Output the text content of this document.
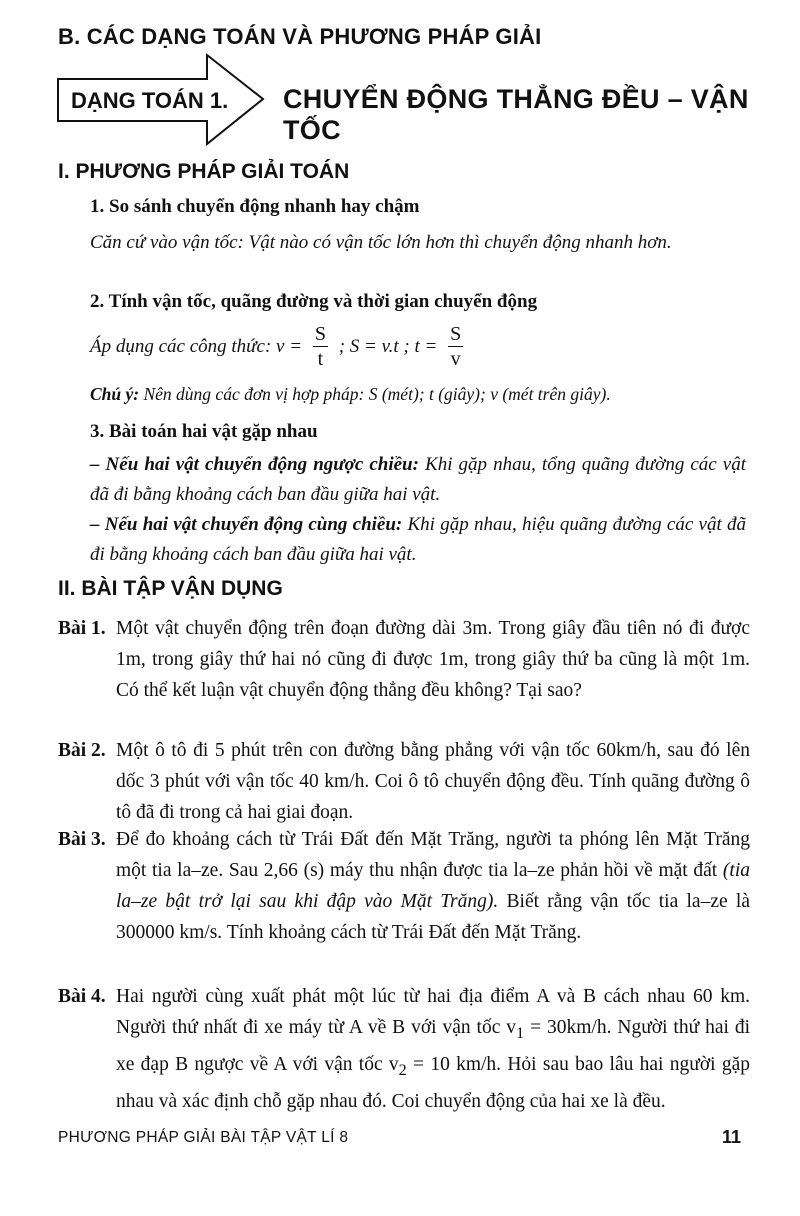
B. CÁC DẠNG TOÁN VÀ PHƯƠNG PHÁP GIẢI
DẠNG TOÁN 1. CHUYỂN ĐỘNG THẲNG ĐỀU – VẬN TỐC
I. PHƯƠNG PHÁP GIẢI TOÁN
1. So sánh chuyển động nhanh hay chậm
Căn cứ vào vận tốc: Vật nào có vận tốc lớn hơn thì chuyển động nhanh hơn.
2. Tính vận tốc, quãng đường và thời gian chuyển động
Áp dụng các công thức: $v = \frac{S}{t}$ ; S = v.t ; $t = \frac{S}{v}$
Chú ý: Nên dùng các đơn vị hợp pháp: S (mét); t (giây); v (mét trên giây).
3. Bài toán hai vật gặp nhau
– Nếu hai vật chuyển động ngược chiều: Khi gặp nhau, tổng quãng đường các vật đã đi bằng khoảng cách ban đầu giữa hai vật.
– Nếu hai vật chuyển động cùng chiều: Khi gặp nhau, hiệu quãng đường các vật đã đi bằng khoảng cách ban đầu giữa hai vật.
II. BÀI TẬP VẬN DỤNG
Bài 1. Một vật chuyển động trên đoạn đường dài 3m. Trong giây đầu tiên nó đi được 1m, trong giây thứ hai nó cũng đi được 1m, trong giây thứ ba cũng là một 1m. Có thể kết luận vật chuyển động thẳng đều không? Tại sao?
Bài 2. Một ô tô đi 5 phút trên con đường bằng phẳng với vận tốc 60km/h, sau đó lên dốc 3 phút với vận tốc 40 km/h. Coi ô tô chuyển động đều. Tính quãng đường ô tô đã đi trong cả hai giai đoạn.
Bài 3. Để đo khoảng cách từ Trái Đất đến Mặt Trăng, người ta phóng lên Mặt Trăng một tia la–ze. Sau 2,66 (s) máy thu nhận được tia la–ze phản hồi về mặt đất (tia la–ze bật trở lại sau khi đập vào Mặt Trăng). Biết rằng vận tốc tia la–ze là 300000 km/s. Tính khoảng cách từ Trái Đất đến Mặt Trăng.
Bài 4. Hai người cùng xuất phát một lúc từ hai địa điểm A và B cách nhau 60 km. Người thứ nhất đi xe máy từ A về B với vận tốc $v_1 = 30km/h$. Người thứ hai đi xe đạp B ngược về A với vận tốc $v_2 = 10$ km/h. Hỏi sau bao lâu hai người gặp nhau và xác định chỗ gặp nhau đó. Coi chuyển động của hai xe là đều.
PHƯƠNG PHÁP GIẢI BÀI TẬP VẬT LÍ 8	11
